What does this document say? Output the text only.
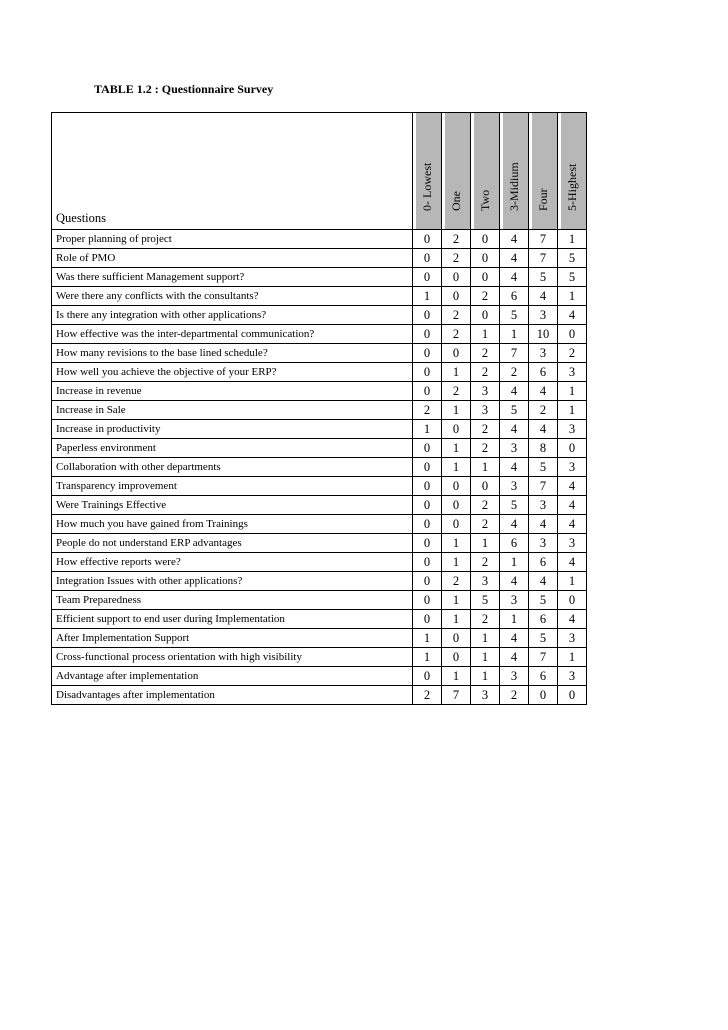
TABLE 1.2 : Questionnaire Survey
Questions	0- Lowest	One	Two	3-Midium	Four	5-Highest

Proper planning of project	0	2	0	4	7	1
Role of PMO	0	2	0	4	7	5
Was there sufficient Management support?	0	0	0	4	5	5
Were there any conflicts with the consultants?	1	0	2	6	4	1
Is there any integration with other applications?	0	2	0	5	3	4
How effective was the inter-departmental communication?	0	2	1	1	10	0
How many revisions to the base lined schedule?	0	0	2	7	3	2
How well you achieve the objective of your ERP?	0	1	2	2	6	3
Increase in revenue	0	2	3	4	4	1
Increase in Sale	2	1	3	5	2	1
Increase in productivity	1	0	2	4	4	3
Paperless environment	0	1	2	3	8	0
Collaboration with other departments	0	1	1	4	5	3
Transparency improvement	0	0	0	3	7	4
Were Trainings Effective	0	0	2	5	3	4
How much you have gained from Trainings	0	0	2	4	4	4
People do not understand ERP advantages	0	1	1	6	3	3
How effective reports were?	0	1	2	1	6	4
Integration Issues with other applications?	0	2	3	4	4	1
Team Preparedness	0	1	5	3	5	0
Efficient support to end user during Implementation	0	1	2	1	6	4
After Implementation Support	1	0	1	4	5	3
Cross-functional process orientation with high visibility	1	0	1	4	7	1
Advantage after implementation	0	1	1	3	6	3
Disadvantages after implementation	2	7	3	2	0	0
